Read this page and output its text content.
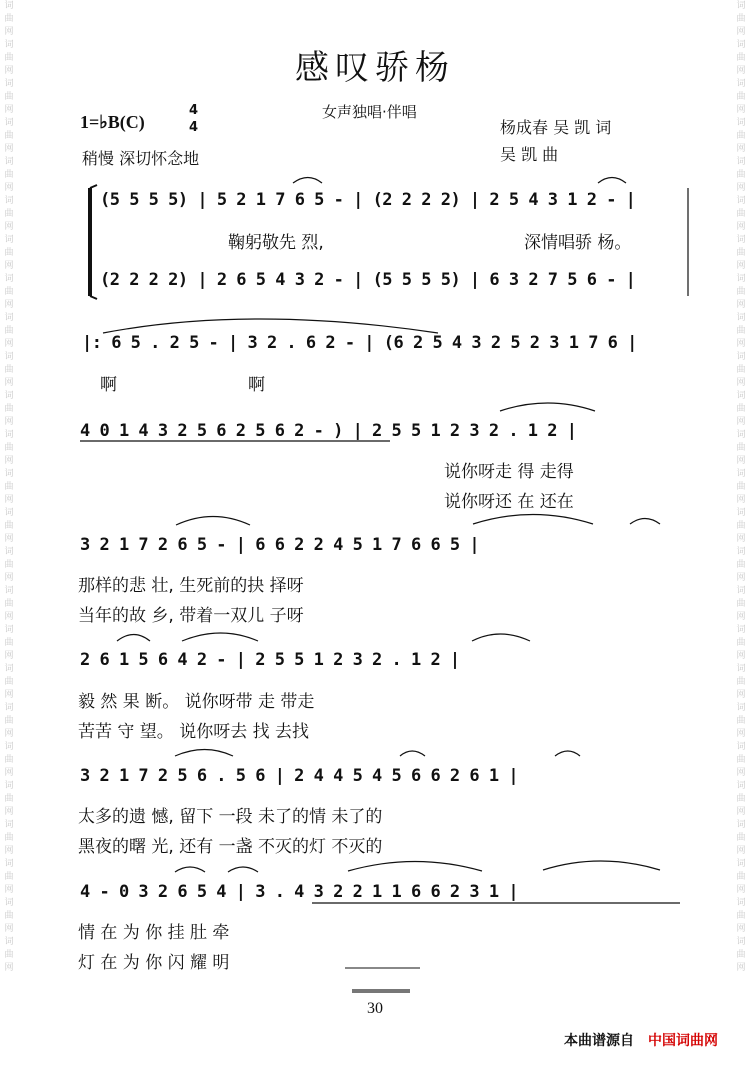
词
曲
网
词
曲
网
词
曲
网
词
曲
网
词
曲
网
词
曲
网
词
曲
网
词
曲
网
词
曲
网
词
曲
网
词
曲
网
词
曲
网
词
曲
网
词
曲
网
词
曲
网
词
曲
网
词
曲
网
词
曲
网
词
曲
网
词
曲
网
词
曲
网
词
曲
网
词
曲
网
词
曲
网
词
曲
网
词
曲
网
词
曲
网
词
曲
网
词
曲
网
词
曲
网
词
曲
网
词
曲
网
词
曲
网
词
曲
网
词
曲
网
词
曲
网
词
曲
网
词
曲
网
词
曲
网
词
曲
网
词
曲
网
词
曲
网
词
曲
网
词
曲
网
词
曲
网
词
曲
网
词
曲
网
词
曲
网
词
曲
网
词
曲
网
感叹骄杨
1=♭B(C)
4
4
女声独唱·伴唱
稍慢 深切怀念地
杨成春 吴 凯 词
吴 凯 曲
(5 5 5 5) | 5 2 1 7 6 5 - | (2 2 2 2) | 2 5 4 3 1 2 - |
鞠躬敬先 烈,	深情唱骄 杨。
(2 2 2 2) | 2 6 5 4 3 2 - | (5 5 5 5) | 6 3 2 7 5 6 - |
|: 6 5 . 2 5 - | 3 2 . 6 2 - | (6 2 5 4 3 2 5 2 3 1 7 6 |
啊	啊
4 0 1 4 3 2 5 6 2 5 6 2 - ) | 2 5 5 1 2 3 2 . 1 2 |
说你呀走 得 走得
说你呀还 在 还在
3 2 1 7 2 6 5 - | 6 6 2 2 4 5 1 7 6 6 5 |
那样的悲 壮, 生死前的抉 择呀
当年的故 乡, 带着一双儿 子呀
2 6 1 5 6 4 2 - | 2 5 5 1 2 3 2 . 1 2 |
毅 然 果 断。 说你呀带 走 带走
苦苦 守 望。 说你呀去 找 去找
3 2 1 7 2 5 6 . 5 6 | 2 4 4 5 4 5 6 6 2 6 1 |
太多的遗 憾, 留下 一段 未了的情 未了的
黑夜的曙 光, 还有 一盏 不灭的灯 不灭的
4 - 0 3 2 6 5 4 | 3 . 4 3 2 2 1 1 6 6 2 3 1 |
情 在 为 你 挂 肚 牵
灯 在 为 你 闪 耀 明
30
本曲谱源自 中国词曲网
